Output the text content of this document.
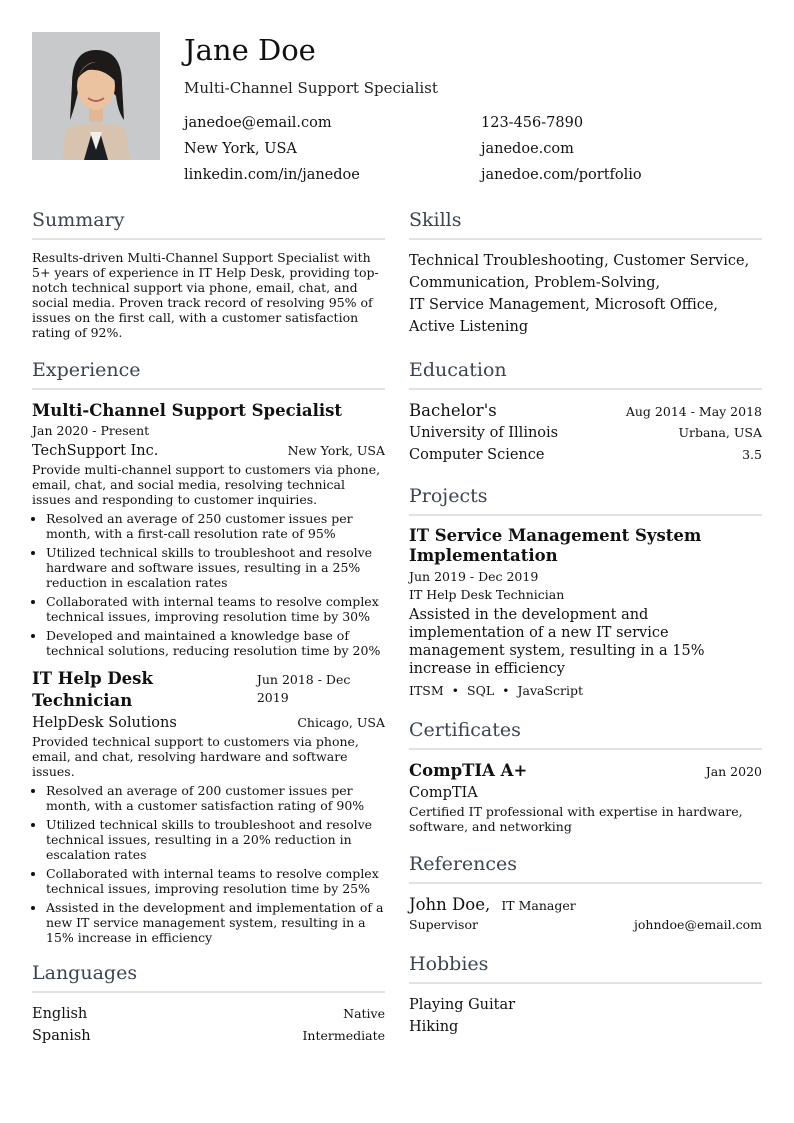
Jane Doe
Multi-Channel Support Specialist
janedoe@email.com	123-456-7890
New York, USA	janedoe.com
linkedin.com/in/janedoe	janedoe.com/portfolio
Summary
Results-driven Multi-Channel Support Specialist with 5+ years of experience in IT Help Desk, providing top-notch technical support via phone, email, chat, and social media. Proven track record of resolving 95% of issues on the first call, with a customer satisfaction rating of 92%.
Experience
Multi-Channel Support Specialist
Jan 2020 - Present
TechSupport Inc.	New York, USA
Provide multi-channel support to customers via phone, email, chat, and social media, resolving technical issues and responding to customer inquiries.
• Resolved an average of 250 customer issues per month, with a first-call resolution rate of 95%
• Utilized technical skills to troubleshoot and resolve hardware and software issues, resulting in a 25% reduction in escalation rates
• Collaborated with internal teams to resolve complex technical issues, improving resolution time by 30%
• Developed and maintained a knowledge base of technical solutions, reducing resolution time by 20%
IT Help Desk Technician
Jun 2018 - Dec 2019
HelpDesk Solutions	Chicago, USA
Provided technical support to customers via phone, email, and chat, resolving hardware and software issues.
• Resolved an average of 200 customer issues per month, with a customer satisfaction rating of 90%
• Utilized technical skills to troubleshoot and resolve technical issues, resulting in a 20% reduction in escalation rates
• Collaborated with internal teams to resolve complex technical issues, improving resolution time by 25%
• Assisted in the development and implementation of a new IT service management system, resulting in a 15% increase in efficiency
Languages
English	Native
Spanish	Intermediate
Skills
Technical Troubleshooting, Customer Service,
Communication, Problem-Solving,
IT Service Management, Microsoft Office,
Active Listening
Education
Bachelor's	Aug 2014 - May 2018
University of Illinois	Urbana, USA
Computer Science	3.5
Projects
IT Service Management System Implementation
Jun 2019 - Dec 2019
IT Help Desk Technician
Assisted in the development and implementation of a new IT service management system, resulting in a 15% increase in efficiency
ITSM • SQL • JavaScript
Certificates
CompTIA A+	Jan 2020
CompTIA
Certified IT professional with expertise in hardware, software, and networking
References
John Doe, IT Manager
Supervisor	johndoe@email.com
Hobbies
Playing Guitar
Hiking
